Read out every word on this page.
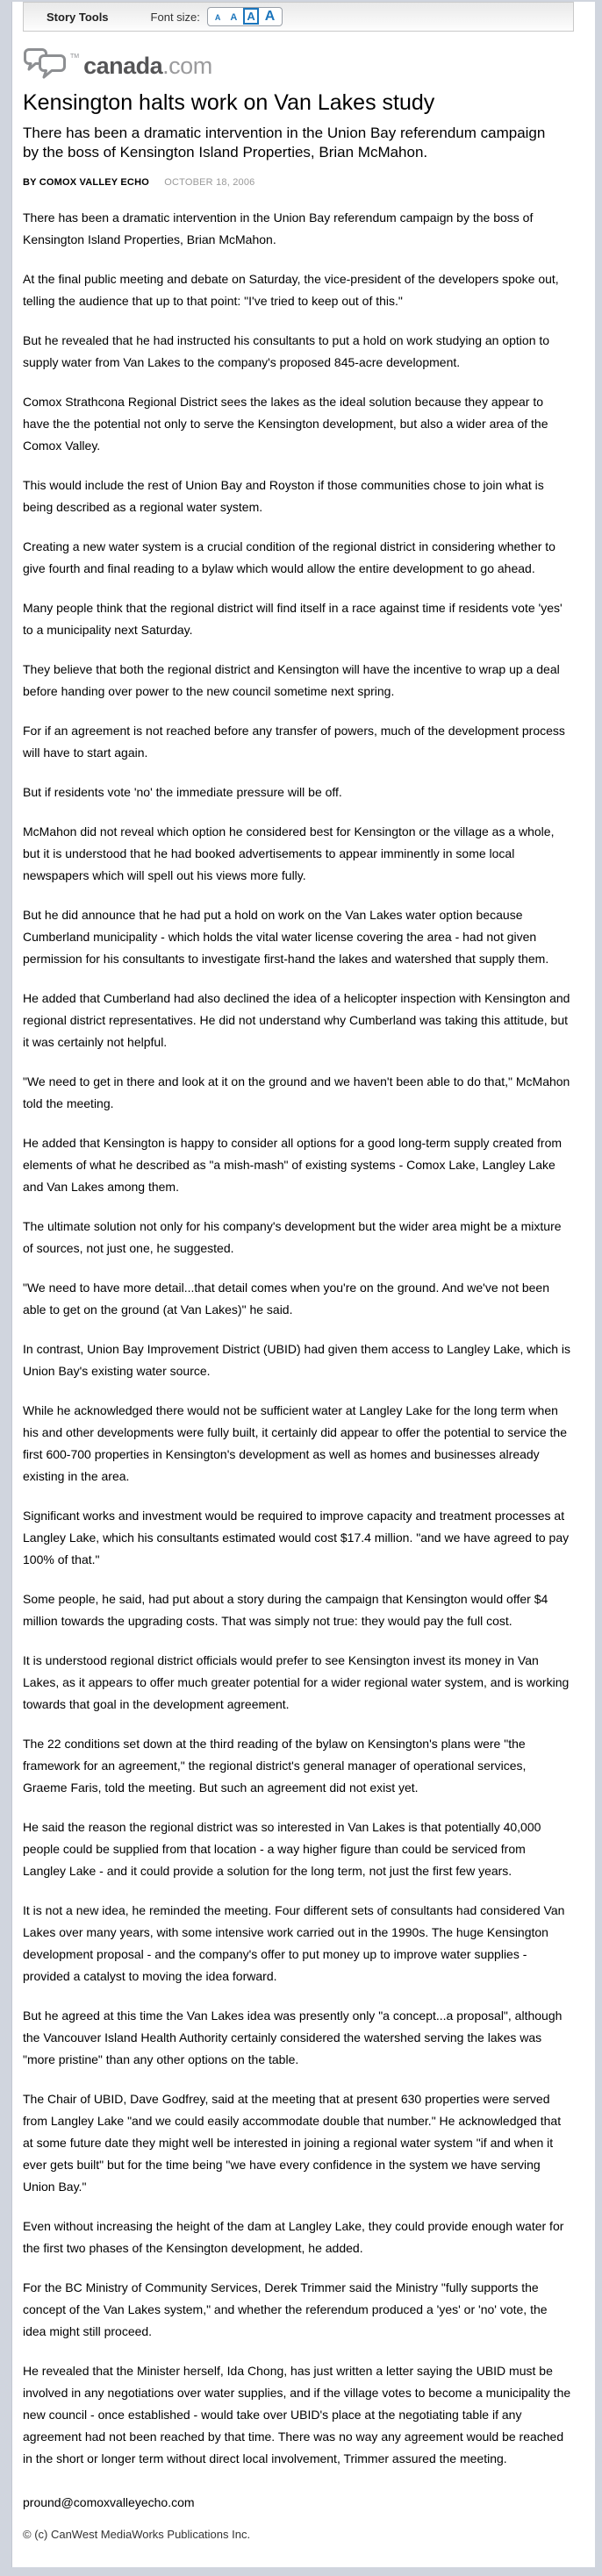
Story Tools	Font size: A A A A
TM canada .com
Kensington halts work on Van Lakes study
There has been a dramatic intervention in the Union Bay referendum campaign by the boss of Kensington Island Properties, Brian McMahon.
BY COMOX VALLEY ECHO OCTOBER 18, 2006

There has been a dramatic intervention in the Union Bay referendum campaign by the boss of Kensington Island Properties, Brian McMahon.

At the final public meeting and debate on Saturday, the vice-president of the developers spoke out, telling the audience that up to that point: "I've tried to keep out of this."

But he revealed that he had instructed his consultants to put a hold on work studying an option to supply water from Van Lakes to the company's proposed 845-acre development.

Comox Strathcona Regional District sees the lakes as the ideal solution because they appear to have the the potential not only to serve the Kensington development, but also a wider area of the Comox Valley.

This would include the rest of Union Bay and Royston if those communities chose to join what is being described as a regional water system.

Creating a new water system is a crucial condition of the regional district in considering whether to give fourth and final reading to a bylaw which would allow the entire development to go ahead.

Many people think that the regional district will find itself in a race against time if residents vote 'yes' to a municipality next Saturday.

They believe that both the regional district and Kensington will have the incentive to wrap up a deal before handing over power to the new council sometime next spring.

For if an agreement is not reached before any transfer of powers, much of the development process will have to start again.

But if residents vote 'no' the immediate pressure will be off.

McMahon did not reveal which option he considered best for Kensington or the village as a whole, but it is understood that he had booked advertisements to appear imminently in some local newspapers which will spell out his views more fully.

But he did announce that he had put a hold on work on the Van Lakes water option because Cumberland municipality - which holds the vital water license covering the area - had not given permission for his consultants to investigate first-hand the lakes and watershed that supply them.

He added that Cumberland had also declined the idea of a helicopter inspection with Kensington and regional district representatives. He did not understand why Cumberland was taking this attitude, but it was certainly not helpful.

"We need to get in there and look at it on the ground and we haven't been able to do that," McMahon told the meeting.

He added that Kensington is happy to consider all options for a good long-term supply created from elements of what he described as "a mish-mash" of existing systems - Comox Lake, Langley Lake and Van Lakes among them.

The ultimate solution not only for his company's development but the wider area might be a mixture of sources, not just one, he suggested.

"We need to have more detail...that detail comes when you're on the ground. And we've not been able to get on the ground (at Van Lakes)" he said.

In contrast, Union Bay Improvement District (UBID) had given them access to Langley Lake, which is Union Bay's existing water source.

While he acknowledged there would not be sufficient water at Langley Lake for the long term when his and other developments were fully built, it certainly did appear to offer the potential to service the first 600-700 properties in Kensington's development as well as homes and businesses already existing in the area.

Significant works and investment would be required to improve capacity and treatment processes at Langley Lake, which his consultants estimated would cost $17.4 million. "and we have agreed to pay 100% of that."

Some people, he said, had put about a story during the campaign that Kensington would offer $4 million towards the upgrading costs. That was simply not true: they would pay the full cost.

It is understood regional district officials would prefer to see Kensington invest its money in Van Lakes, as it appears to offer much greater potential for a wider regional water system, and is working towards that goal in the development agreement.

The 22 conditions set down at the third reading of the bylaw on Kensington's plans were "the framework for an agreement," the regional district's general manager of operational services, Graeme Faris, told the meeting. But such an agreement did not exist yet.

He said the reason the regional district was so interested in Van Lakes is that potentially 40,000 people could be supplied from that location - a way higher figure than could be serviced from Langley Lake - and it could provide a solution for the long term, not just the first few years.

It is not a new idea, he reminded the meeting. Four different sets of consultants had considered Van Lakes over many years, with some intensive work carried out in the 1990s. The huge Kensington development proposal - and the company's offer to put money up to improve water supplies - provided a catalyst to moving the idea forward.

But he agreed at this time the Van Lakes idea was presently only "a concept...a proposal", although the Vancouver Island Health Authority certainly considered the watershed serving the lakes was "more pristine" than any other options on the table.

The Chair of UBID, Dave Godfrey, said at the meeting that at present 630 properties were served from Langley Lake "and we could easily accommodate double that number." He acknowledged that at some future date they might well be interested in joining a regional water system "if and when it ever gets built" but for the time being "we have every confidence in the system we have serving Union Bay."

Even without increasing the height of the dam at Langley Lake, they could provide enough water for the first two phases of the Kensington development, he added.

For the BC Ministry of Community Services, Derek Trimmer said the Ministry "fully supports the concept of the Van Lakes system," and whether the referendum produced a 'yes' or 'no' vote, the idea might still proceed.

He revealed that the Minister herself, Ida Chong, has just written a letter saying the UBID must be involved in any negotiations over water supplies, and if the village votes to become a municipality the new council - once established - would take over UBID's place at the negotiating table if any agreement had not been reached by that time. There was no way any agreement would be reached in the short or longer term without direct local involvement, Trimmer assured the meeting.

pround@comoxvalleyecho.com

© (c) CanWest MediaWorks Publications Inc.
